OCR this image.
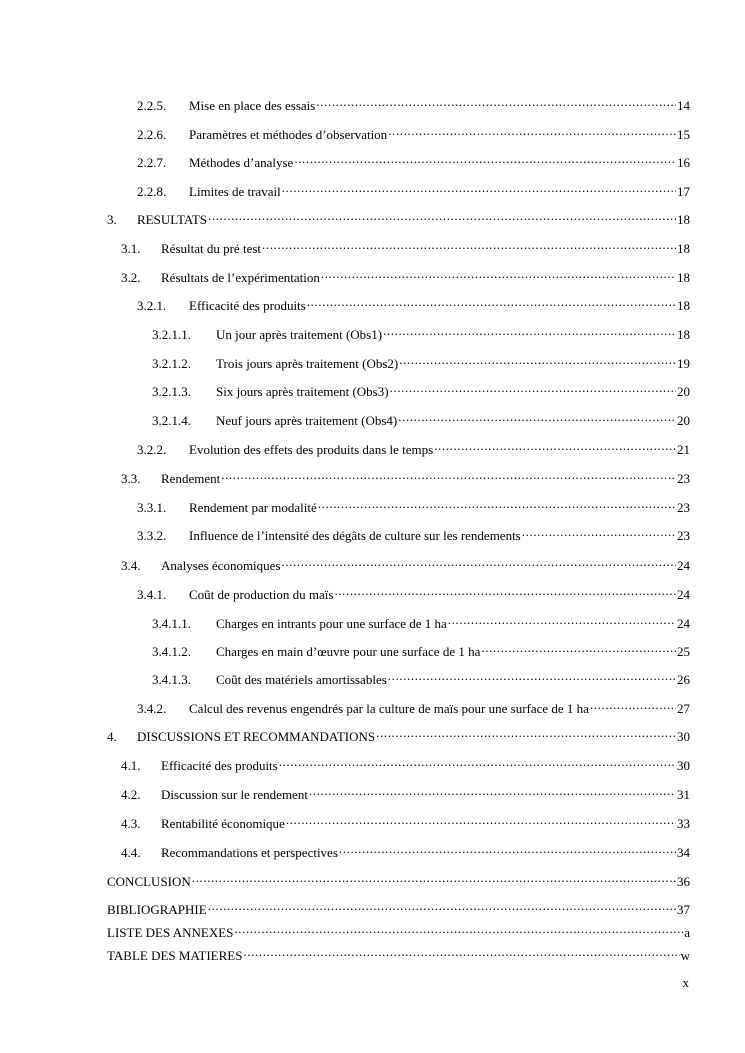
2.2.5.	Mise en place des essais .....	14
2.2.6.	Paramètres et méthodes d’observation .....	15
2.2.7.	Méthodes d’analyse .....	16
2.2.8.	Limites de travail .....	17
3.	RESULTATS .....	18
3.1.	Résultat du pré test .....	18
3.2.	Résultats de l’expérimentation .....	18
3.2.1.	Efficacité des produits .....	18
3.2.1.1.	Un jour après traitement (Obs1) .....	18
3.2.1.2.	Trois jours après traitement (Obs2) .....	19
3.2.1.3.	Six jours après traitement (Obs3) .....	20
3.2.1.4.	Neuf jours après traitement (Obs4) .....	20
3.2.2.	Evolution des effets des produits dans le temps .....	21
3.3.	Rendement .....	23
3.3.1.	Rendement par modalité .....	23
3.3.2.	Influence de l’intensité des dégâts de culture sur les rendements .....	23
3.4.	Analyses économiques .....	24
3.4.1.	Coût de production du maïs .....	24
3.4.1.1.	Charges en intrants pour une surface de 1 ha .....	24
3.4.1.2.	Charges en main d’œuvre pour une surface de 1 ha .....	25
3.4.1.3.	Coût des matériels amortissables .....	26
3.4.2.	Calcul des revenus engendrés par la culture de maïs pour une surface de 1 ha .....	27
4.	DISCUSSIONS ET RECOMMANDATIONS .....	30
4.1.	Efficacité des produits .....	30
4.2.	Discussion sur le rendement .....	31
4.3.	Rentabilité économique .....	33
4.4.	Recommandations et perspectives .....	34
CONCLUSION .....	36
BIBLIOGRAPHIE .....	37
LISTE DES ANNEXES .....	a
TABLE DES MATIERES .....	w
x
